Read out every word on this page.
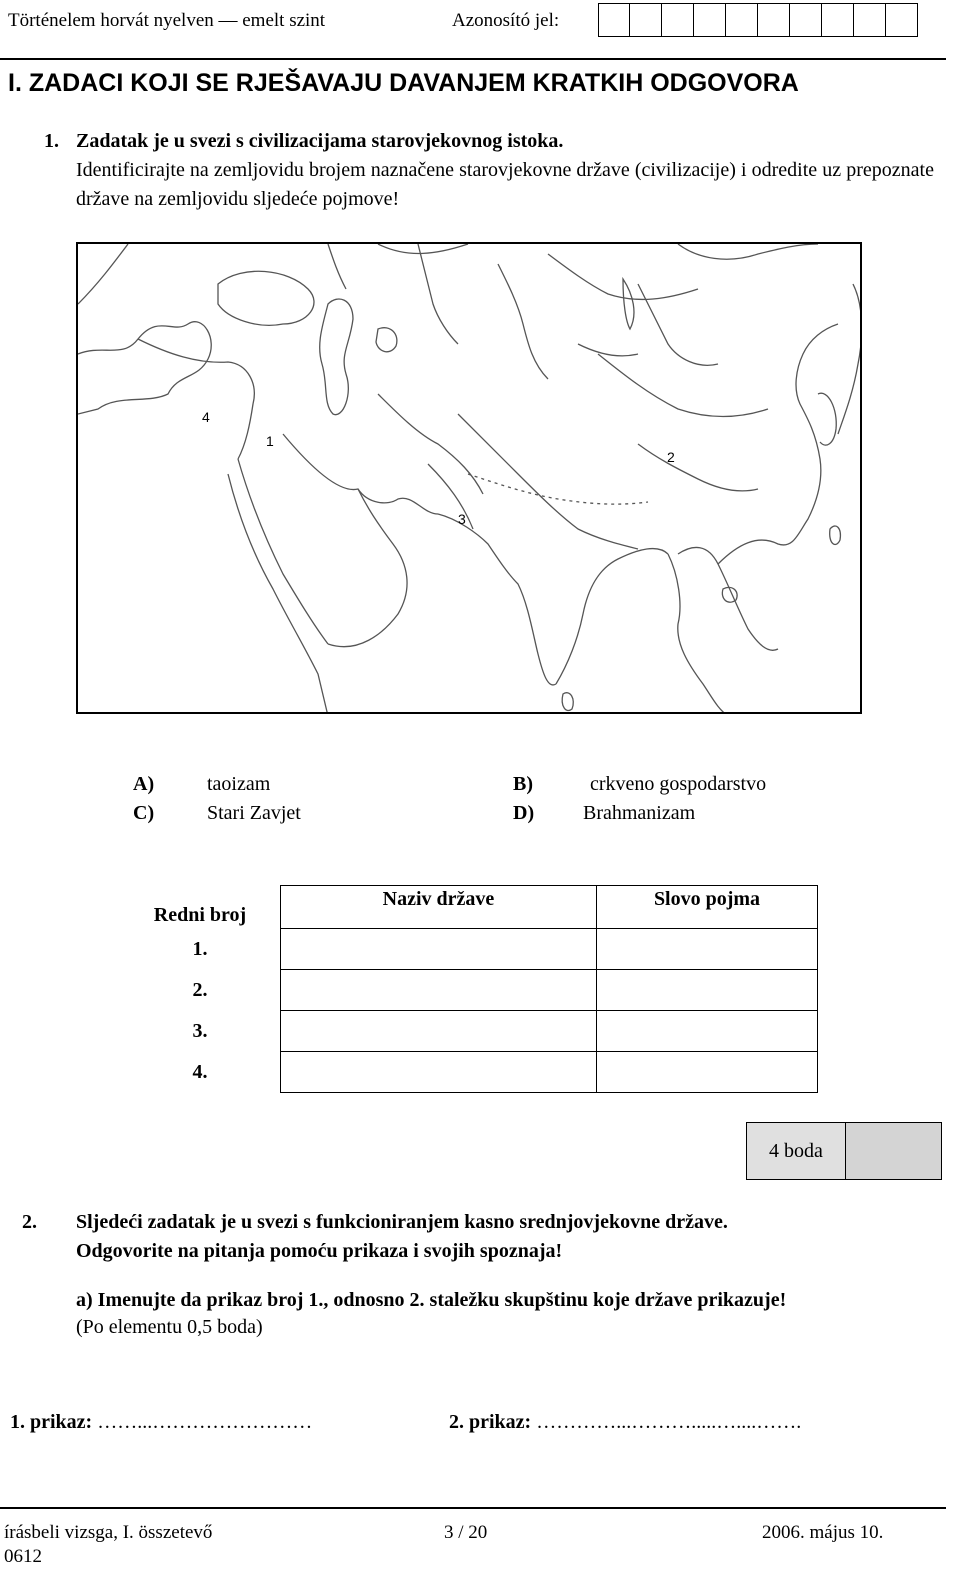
Történelem horvát nyelven — emelt szint	Azonosító jel:
I. ZADACI KOJI SE RJEŠAVAJU DAVANJEM KRATKIH ODGOVORA
1. Zadatak je u svezi s civilizacijama starovjekovnog istoka.
Identificirajte na zemljovidu brojem naznačene starovjekovne države (civilizacije) i odredite uz prepoznate države na zemljovidu sljedeće pojmove!
4
1
2
3
A)	taoizam	B)	crkveno gospodarstvo
C)	Stari Zavjet	D) Brahmanizam
Redni broj	Naziv države	Slovo pojma
1.		
2.		
3.		
4.		
4 boda
2. Sljedeći zadatak je u svezi s funkcioniranjem kasno srednjovjekovne države.
Odgovorite na pitanja pomoću prikaza i svojih spoznaja!
a) Imenujte da prikaz broj 1., odnosno 2. staležku skupštinu koje države prikazuje!
(Po elementu 0,5 boda)
1. prikaz: ……...……………………	2. prikaz: …………...……….....…....…….
írásbeli vizsga, I. összetevő	3 / 20	2006. május 10.
0612
